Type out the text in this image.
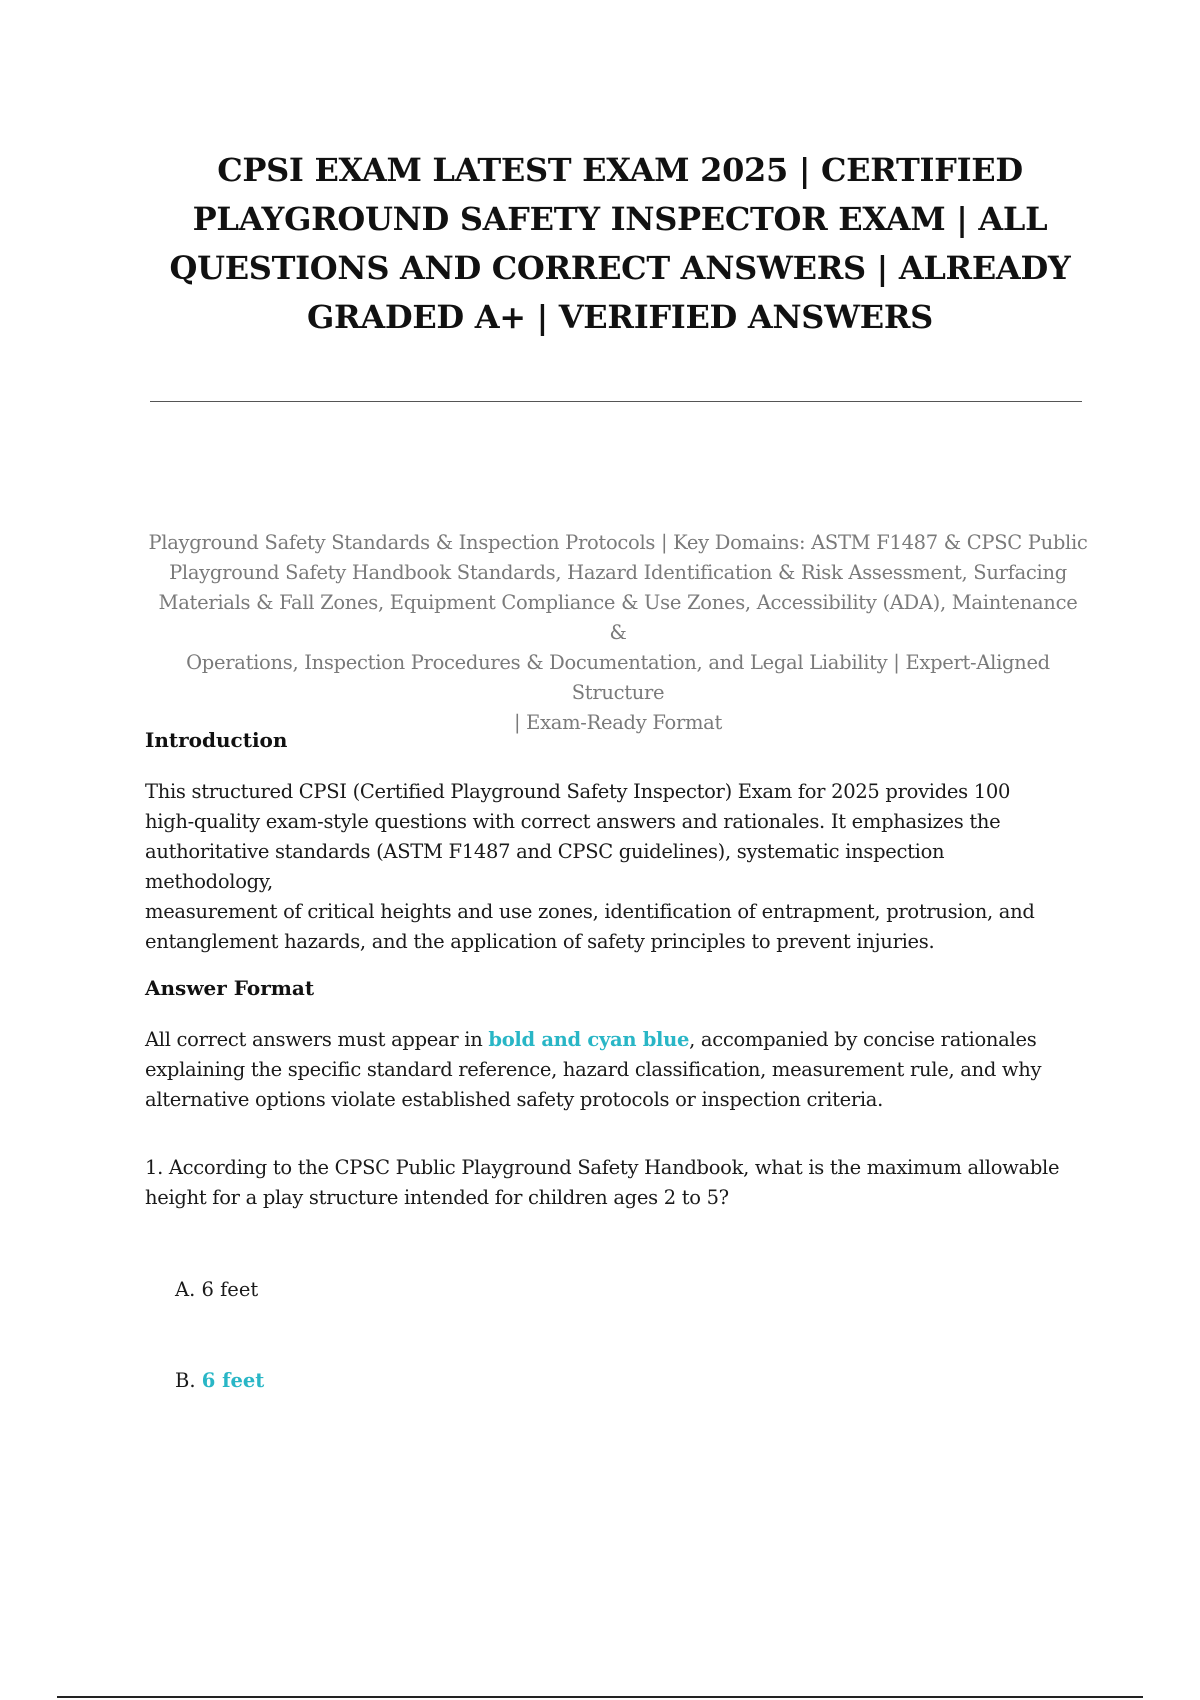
CPSI EXAM LATEST EXAM 2025 | CERTIFIED
PLAYGROUND SAFETY INSPECTOR EXAM | ALL
QUESTIONS AND CORRECT ANSWERS | ALREADY
GRADED A+ | VERIFIED ANSWERS
Playground Safety Standards & Inspection Protocols | Key Domains: ASTM F1487 & CPSC Public
Playground Safety Handbook Standards, Hazard Identification & Risk Assessment, Surfacing
Materials & Fall Zones, Equipment Compliance & Use Zones, Accessibility (ADA), Maintenance &
Operations, Inspection Procedures & Documentation, and Legal Liability | Expert-Aligned Structure
| Exam-Ready Format
Introduction
This structured CPSI (Certified Playground Safety Inspector) Exam for 2025 provides 100
high-quality exam-style questions with correct answers and rationales. It emphasizes the
authoritative standards (ASTM F1487 and CPSC guidelines), systematic inspection methodology,
measurement of critical heights and use zones, identification of entrapment, protrusion, and
entanglement hazards, and the application of safety principles to prevent injuries.
Answer Format
All correct answers must appear in bold and cyan blue, accompanied by concise rationales
explaining the specific standard reference, hazard classification, measurement rule, and why
alternative options violate established safety protocols or inspection criteria.
1. According to the CPSC Public Playground Safety Handbook, what is the maximum allowable
height for a play structure intended for children ages 2 to 5?
A. 6 feet
B. 6 feet
